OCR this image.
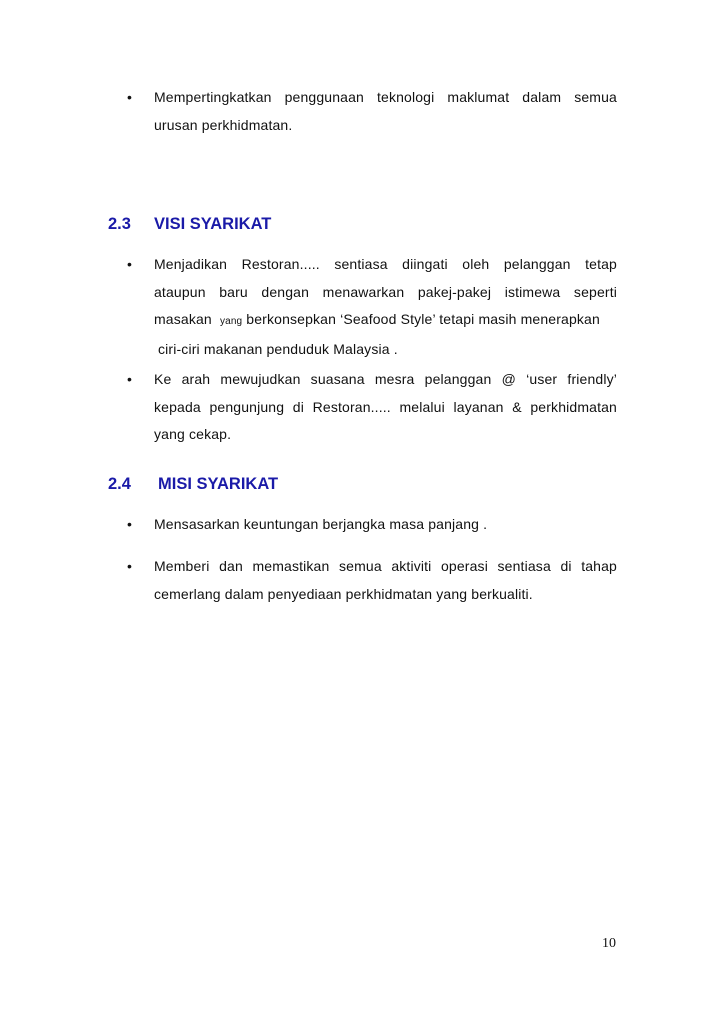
• Mempertingkatkan penggunaan teknologi maklumat dalam semua
urusan perkhidmatan.
2.3 VISI SYARIKAT
• Menjadikan Restoran..... sentiasa diingati oleh pelanggan tetap
ataupun baru dengan menawarkan pakej-pakej istimewa seperti
masakan yang berkonsepkan ‘Seafood Style’ tetapi masih menerapkan
ciri-ciri makanan penduduk Malaysia .
• Ke arah mewujudkan suasana mesra pelanggan @ ‘user friendly’
kepada pengunjung di Restoran..... melalui layanan & perkhidmatan
yang cekap.
2.4 MISI SYARIKAT
• Mensasarkan keuntungan berjangka masa panjang .
• Memberi dan memastikan semua aktiviti operasi sentiasa di tahap
cemerlang dalam penyediaan perkhidmatan yang berkualiti.
10
